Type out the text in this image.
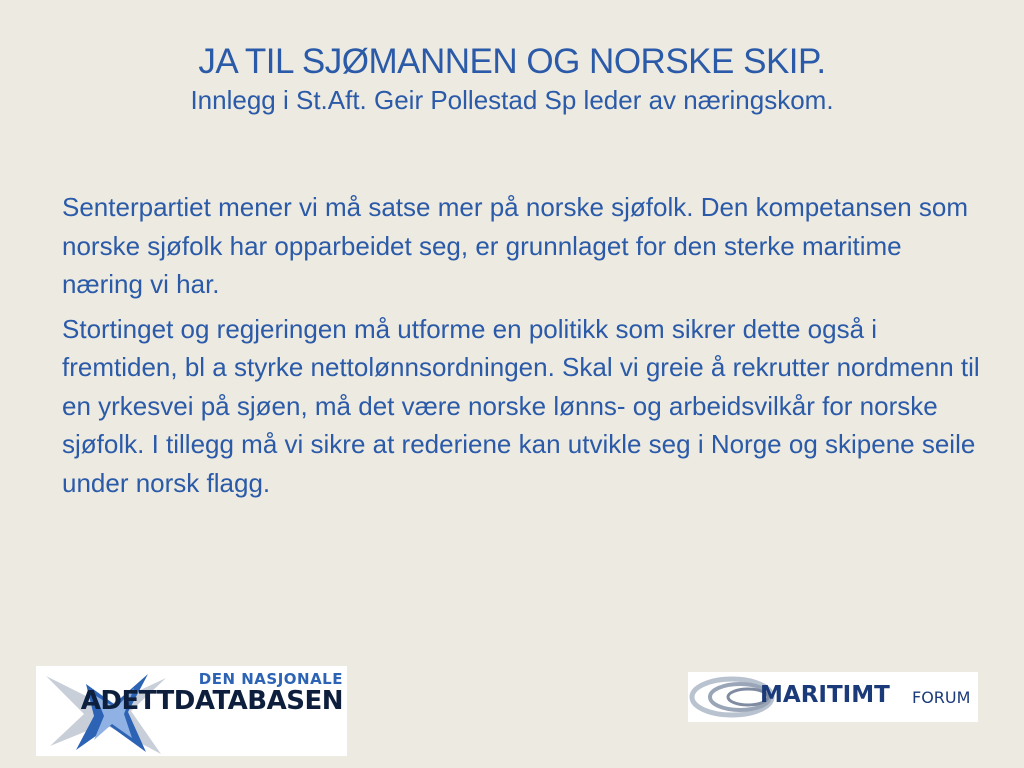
JA TIL SJØMANNEN OG NORSKE SKIP.
Innlegg i St.Aft. Geir Pollestad Sp leder av næringskom.

Senterpartiet mener vi må satse mer på norske sjøfolk. Den kompetansen som norske sjøfolk har opparbeidet seg, er grunnlaget for den sterke maritime næring vi har.

Stortinget og regjeringen må utforme en politikk som sikrer dette også i fremtiden, bl a styrke nettolønnsordningen. Skal vi greie å rekrutter nordmenn til en yrkesvei på sjøen, må det være norske lønns- og arbeidsvilkår for norske sjøfolk. I tillegg må vi sikre at rederiene kan utvikle seg i Norge og skipene seile under norsk flagg.

DEN NASJONALE
ADETTDATABASEN	MARITIMT FORUM
